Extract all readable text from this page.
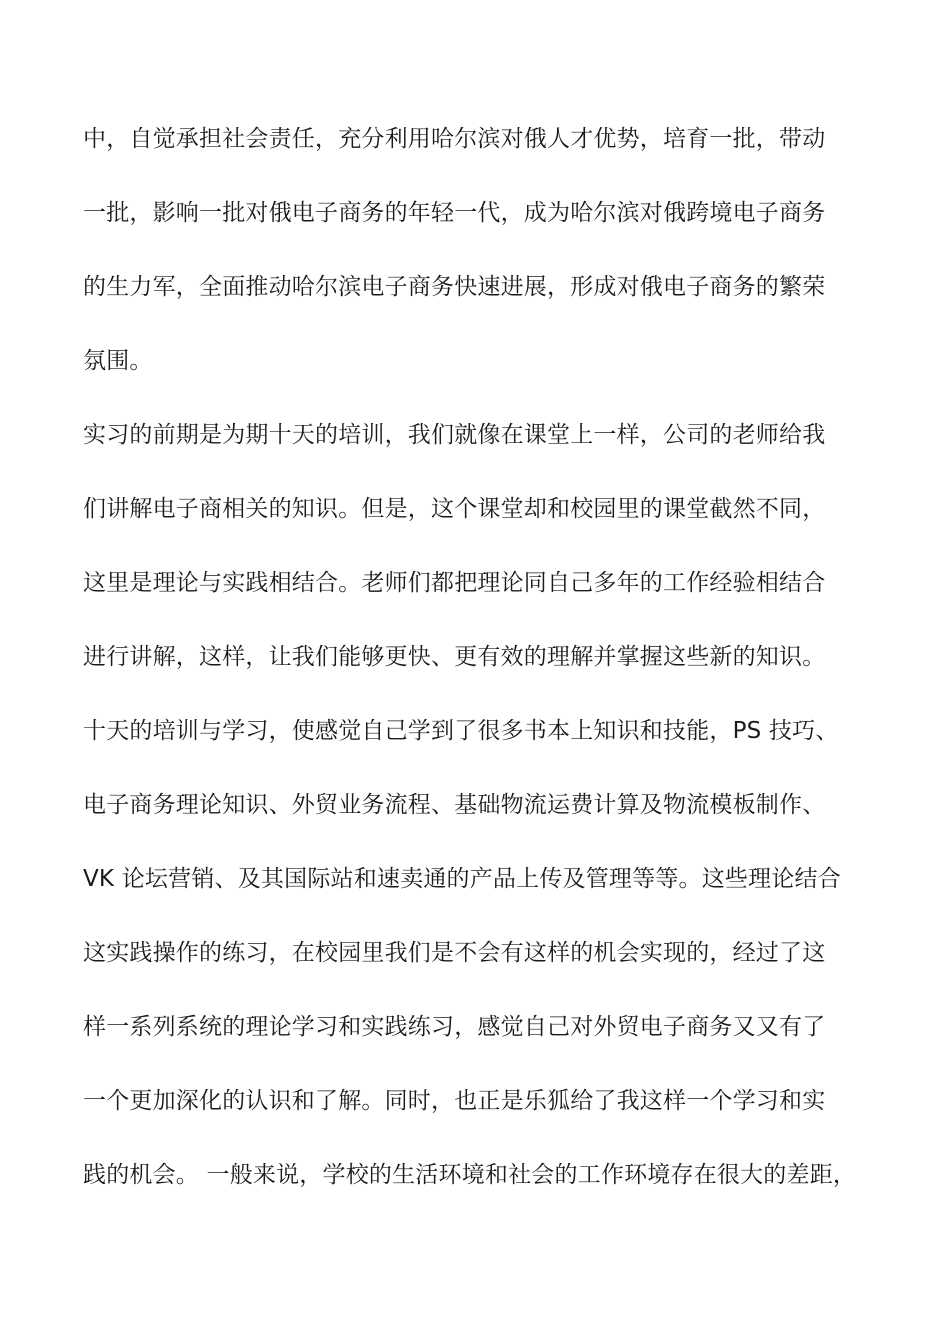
中，自觉承担社会责任，充分利用哈尔滨对俄人才优势，培育一批，带动
一批，影响一批对俄电子商务的年轻一代，成为哈尔滨对俄跨境电子商务
的生力军，全面推动哈尔滨电子商务快速进展，形成对俄电子商务的繁荣
氛围。
实习的前期是为期十天的培训，我们就像在课堂上一样，公司的老师给我
们讲解电子商相关的知识。但是，这个课堂却和校园里的课堂截然不同，
这里是理论与实践相结合。老师们都把理论同自己多年的工作经验相结合
进行讲解，这样，让我们能够更快、更有效的理解并掌握这些新的知识。
十天的培训与学习，使感觉自己学到了很多书本上知识和技能，PS 技巧、
电子商务理论知识、外贸业务流程、基础物流运费计算及物流模板制作、
VK 论坛营销、及其国际站和速卖通的产品上传及管理等等。这些理论结合
这实践操作的练习，在校园里我们是不会有这样的机会实现的，经过了这
样一系列系统的理论学习和实践练习，感觉自己对外贸电子商务又又有了
一个更加深化的认识和了解。同时，也正是乐狐给了我这样一个学习和实
践的机会。 一般来说，学校的生活环境和社会的工作环境存在很大的差距，
